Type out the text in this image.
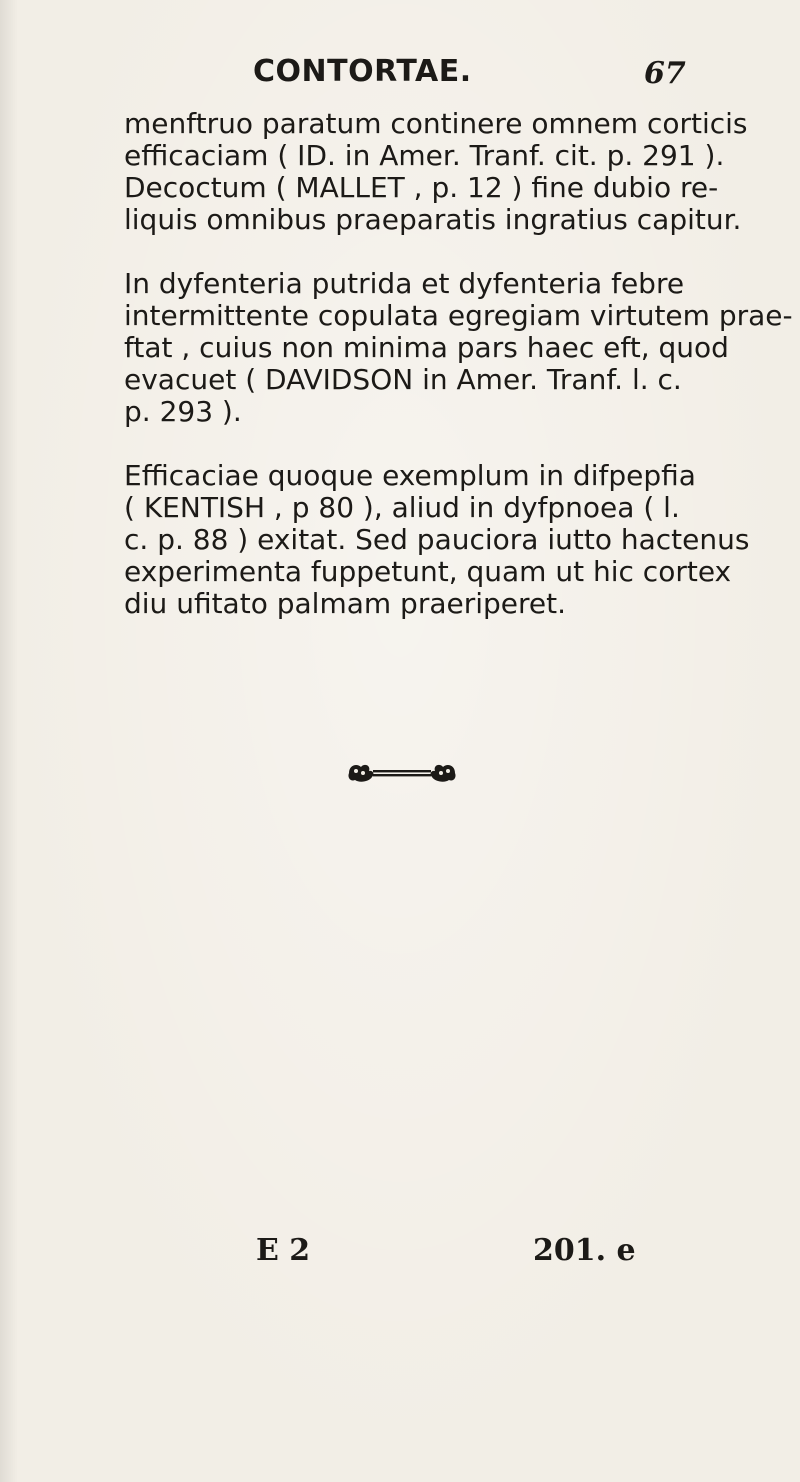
CONTORTAE.	67
menftruo paratum continere omnem corticis
efficaciam ( ID. in Amer. Tranf. cit. p. 291 ).
Decoctum ( MALLET , p. 12 ) fine dubio re-
liquis omnibus praeparatis ingratius capitur.
In dyfenteria putrida et dyfenteria febre
intermittente copulata egregiam virtutem prae-
ftat , cuius non minima pars haec eft, quod
evacuet ( DAVIDSON in Amer. Tranf. l. c.
p. 293 ).
Efficaciae quoque exemplum in difpepfia
( KENTISH , p 80 ), aliud in dyfpnoea ( l.
c. p. 88 ) exitat. Sed pauciora iutto hactenus
experimenta fuppetunt, quam ut hic cortex
diu ufitato palmam praeriperet.
E 2	201. e
